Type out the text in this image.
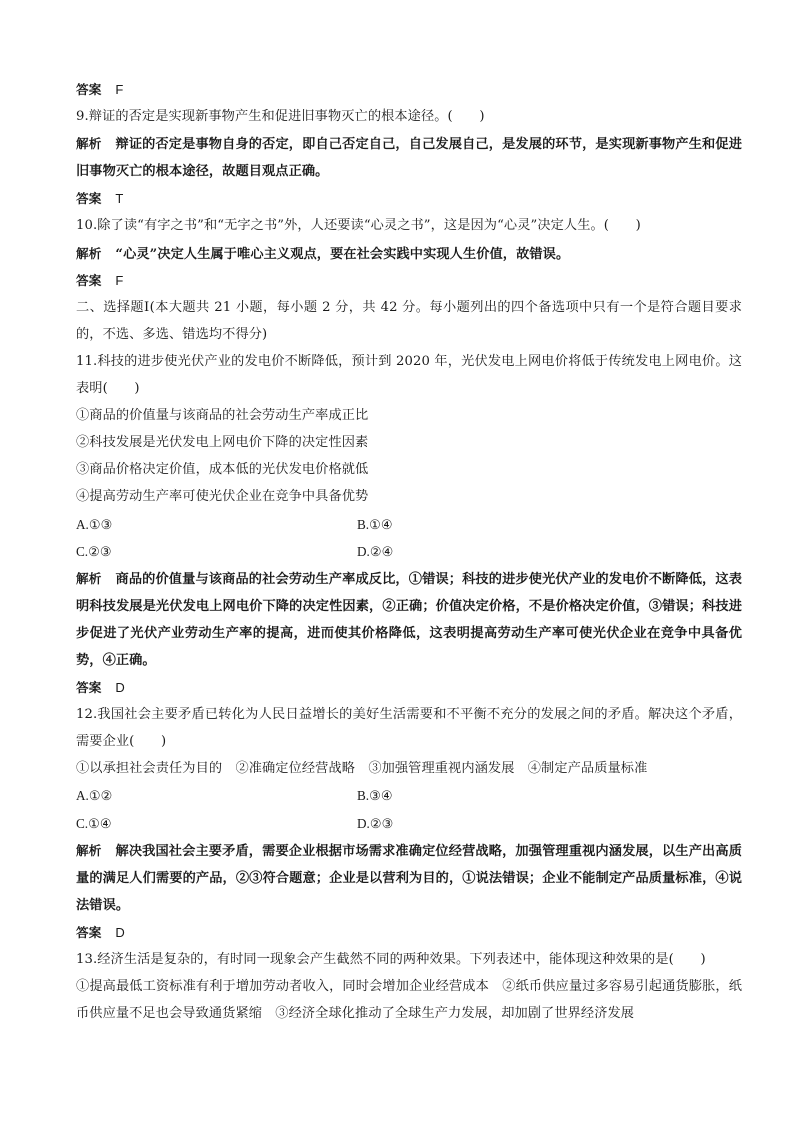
答案 F
9.辩证的否定是实现新事物产生和促进旧事物灭亡的根本途径。(　　)
解析 辩证的否定是事物自身的否定，即自己否定自己，自己发展自己，是发展的环节，是实现新事物产生和促进旧事物灭亡的根本途径，故题目观点正确。
答案 T
10.除了读“有字之书”和“无字之书”外，人还要读“心灵之书”，这是因为“心灵”决定人生。(　　)
解析 “心灵”决定人生属于唯心主义观点，要在社会实践中实现人生价值，故错误。
答案 F
二、选择题Ⅰ(本大题共 21 小题，每小题 2 分，共 42 分。每小题列出的四个备选项中只有一个是符合题目要求的，不选、多选、错选均不得分)
11.科技的进步使光伏产业的发电价不断降低，预计到 2020 年，光伏发电上网电价将低于传统发电上网电价。这表明(　　)
①商品的价值量与该商品的社会劳动生产率成正比
②科技发展是光伏发电上网电价下降的决定性因素
③商品价格决定价值，成本低的光伏发电价格就低
④提高劳动生产率可使光伏企业在竞争中具备优势
A.①③	B.①④
C.②③	D.②④
解析 商品的价值量与该商品的社会劳动生产率成反比，①错误；科技的进步使光伏产业的发电价不断降低，这表明科技发展是光伏发电上网电价下降的决定性因素，②正确；价值决定价格，不是价格决定价值，③错误；科技进步促进了光伏产业劳动生产率的提高，进而使其价格降低，这表明提高劳动生产率可使光伏企业在竞争中具备优势，④正确。
答案 D
12.我国社会主要矛盾已转化为人民日益增长的美好生活需要和不平衡不充分的发展之间的矛盾。解决这个矛盾，需要企业(　　)
①以承担社会责任为目的　②准确定位经营战略　③加强管理重视内涵发展　④制定产品质量标准
A.①②	B.③④
C.①④	D.②③
解析 解决我国社会主要矛盾，需要企业根据市场需求准确定位经营战略，加强管理重视内涵发展，以生产出高质量的满足人们需要的产品，②③符合题意；企业是以营利为目的，①说法错误；企业不能制定产品质量标准，④说法错误。
答案 D
13.经济生活是复杂的，有时同一现象会产生截然不同的两种效果。下列表述中，能体现这种效果的是(　　)
①提高最低工资标准有利于增加劳动者收入，同时会增加企业经营成本　②纸币供应量过多容易引起通货膨胀，纸币供应量不足也会导致通货紧缩　③经济全球化推动了全球生产力发展，却加剧了世界经济发展
